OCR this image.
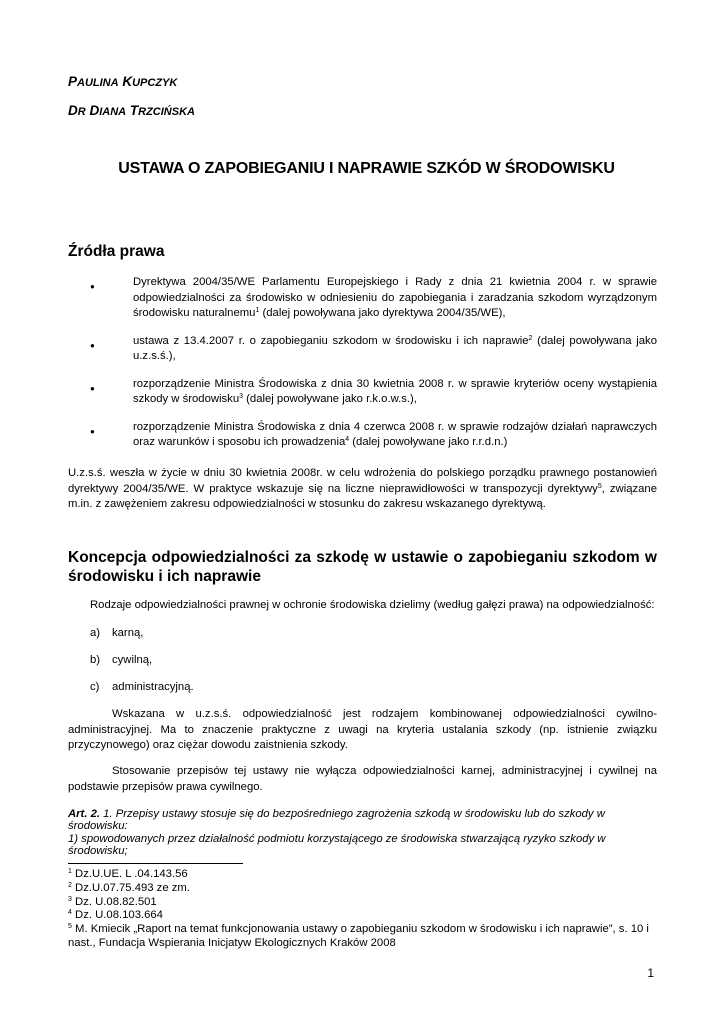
PAULINA KUPCZYK
DR DIANA TRZCIŃSKA
USTAWA O ZAPOBIEGANIU I NAPRAWIE SZKÓD W ŚRODOWISKU
Źródła prawa
●	Dyrektywa 2004/35/WE Parlamentu Europejskiego i Rady z dnia 21 kwietnia 2004 r. w sprawie odpowiedzialności za środowisko w odniesieniu do zapobiegania i zaradzania szkodom wyrządzonym środowisku naturalnemu$^1$ (dalej powoływana jako dyrektywa 2004/35/WE),
●	ustawa z 13.4.2007 r. o zapobieganiu szkodom w środowisku i ich naprawie$^2$ (dalej powoływana jako u.z.s.ś.),
●	rozporządzenie Ministra Środowiska z dnia 30 kwietnia 2008 r. w sprawie kryteriów oceny wystąpienia szkody w środowisku$^3$ (dalej powoływane jako r.k.o.w.s.),
●	rozporządzenie Ministra Środowiska z dnia 4 czerwca 2008 r. w sprawie rodzajów działań naprawczych oraz warunków i sposobu ich prowadzenia$^4$ (dalej powoływane jako r.r.d.n.)
U.z.s.ś. weszła w życie w dniu 30 kwietnia 2008r. w celu wdrożenia do polskiego porządku prawnego postanowień dyrektywy 2004/35/WE. W praktyce wskazuje się na liczne nieprawidłowości w transpozycji dyrektywy$^5$, związane m.in. z zawężeniem zakresu odpowiedzialności w stosunku do zakresu wskazanego dyrektywą.
Koncepcja odpowiedzialności za szkodę w ustawie o zapobieganiu szkodom w środowisku i ich naprawie
Rodzaje odpowiedzialności prawnej w ochronie środowiska dzielimy (według gałęzi prawa) na odpowiedzialność:
a) karną,
b) cywilną,
c) administracyjną.
Wskazana w u.z.s.ś. odpowiedzialność jest rodzajem kombinowanej odpowiedzialności cywilno-administracyjnej. Ma to znaczenie praktyczne z uwagi na kryteria ustalania szkody (np. istnienie związku przyczynowego) oraz ciężar dowodu zaistnienia szkody.
Stosowanie przepisów tej ustawy nie wyłącza odpowiedzialności karnej, administracyjnej i cywilnej na podstawie przepisów prawa cywilnego.
Art. 2. 1. Przepisy ustawy stosuje się do bezpośredniego zagrożenia szkodą w środowisku lub do szkody w środowisku:
1) spowodowanych przez działalność podmiotu korzystającego ze środowiska stwarzającą ryzyko szkody w środowisku;
$^1$ Dz.U.UE. L .04.143.56
$^2$ Dz.U.07.75.493 ze zm.
$^3$ Dz. U.08.82.501
$^4$ Dz. U.08.103.664
$^5$ M. Kmiecik „Raport na temat funkcjonowania ustawy o zapobieganiu szkodom w środowisku i ich naprawie”, s. 10 i nast., Fundacja Wspierania Inicjatyw Ekologicznych Kraków 2008
1
